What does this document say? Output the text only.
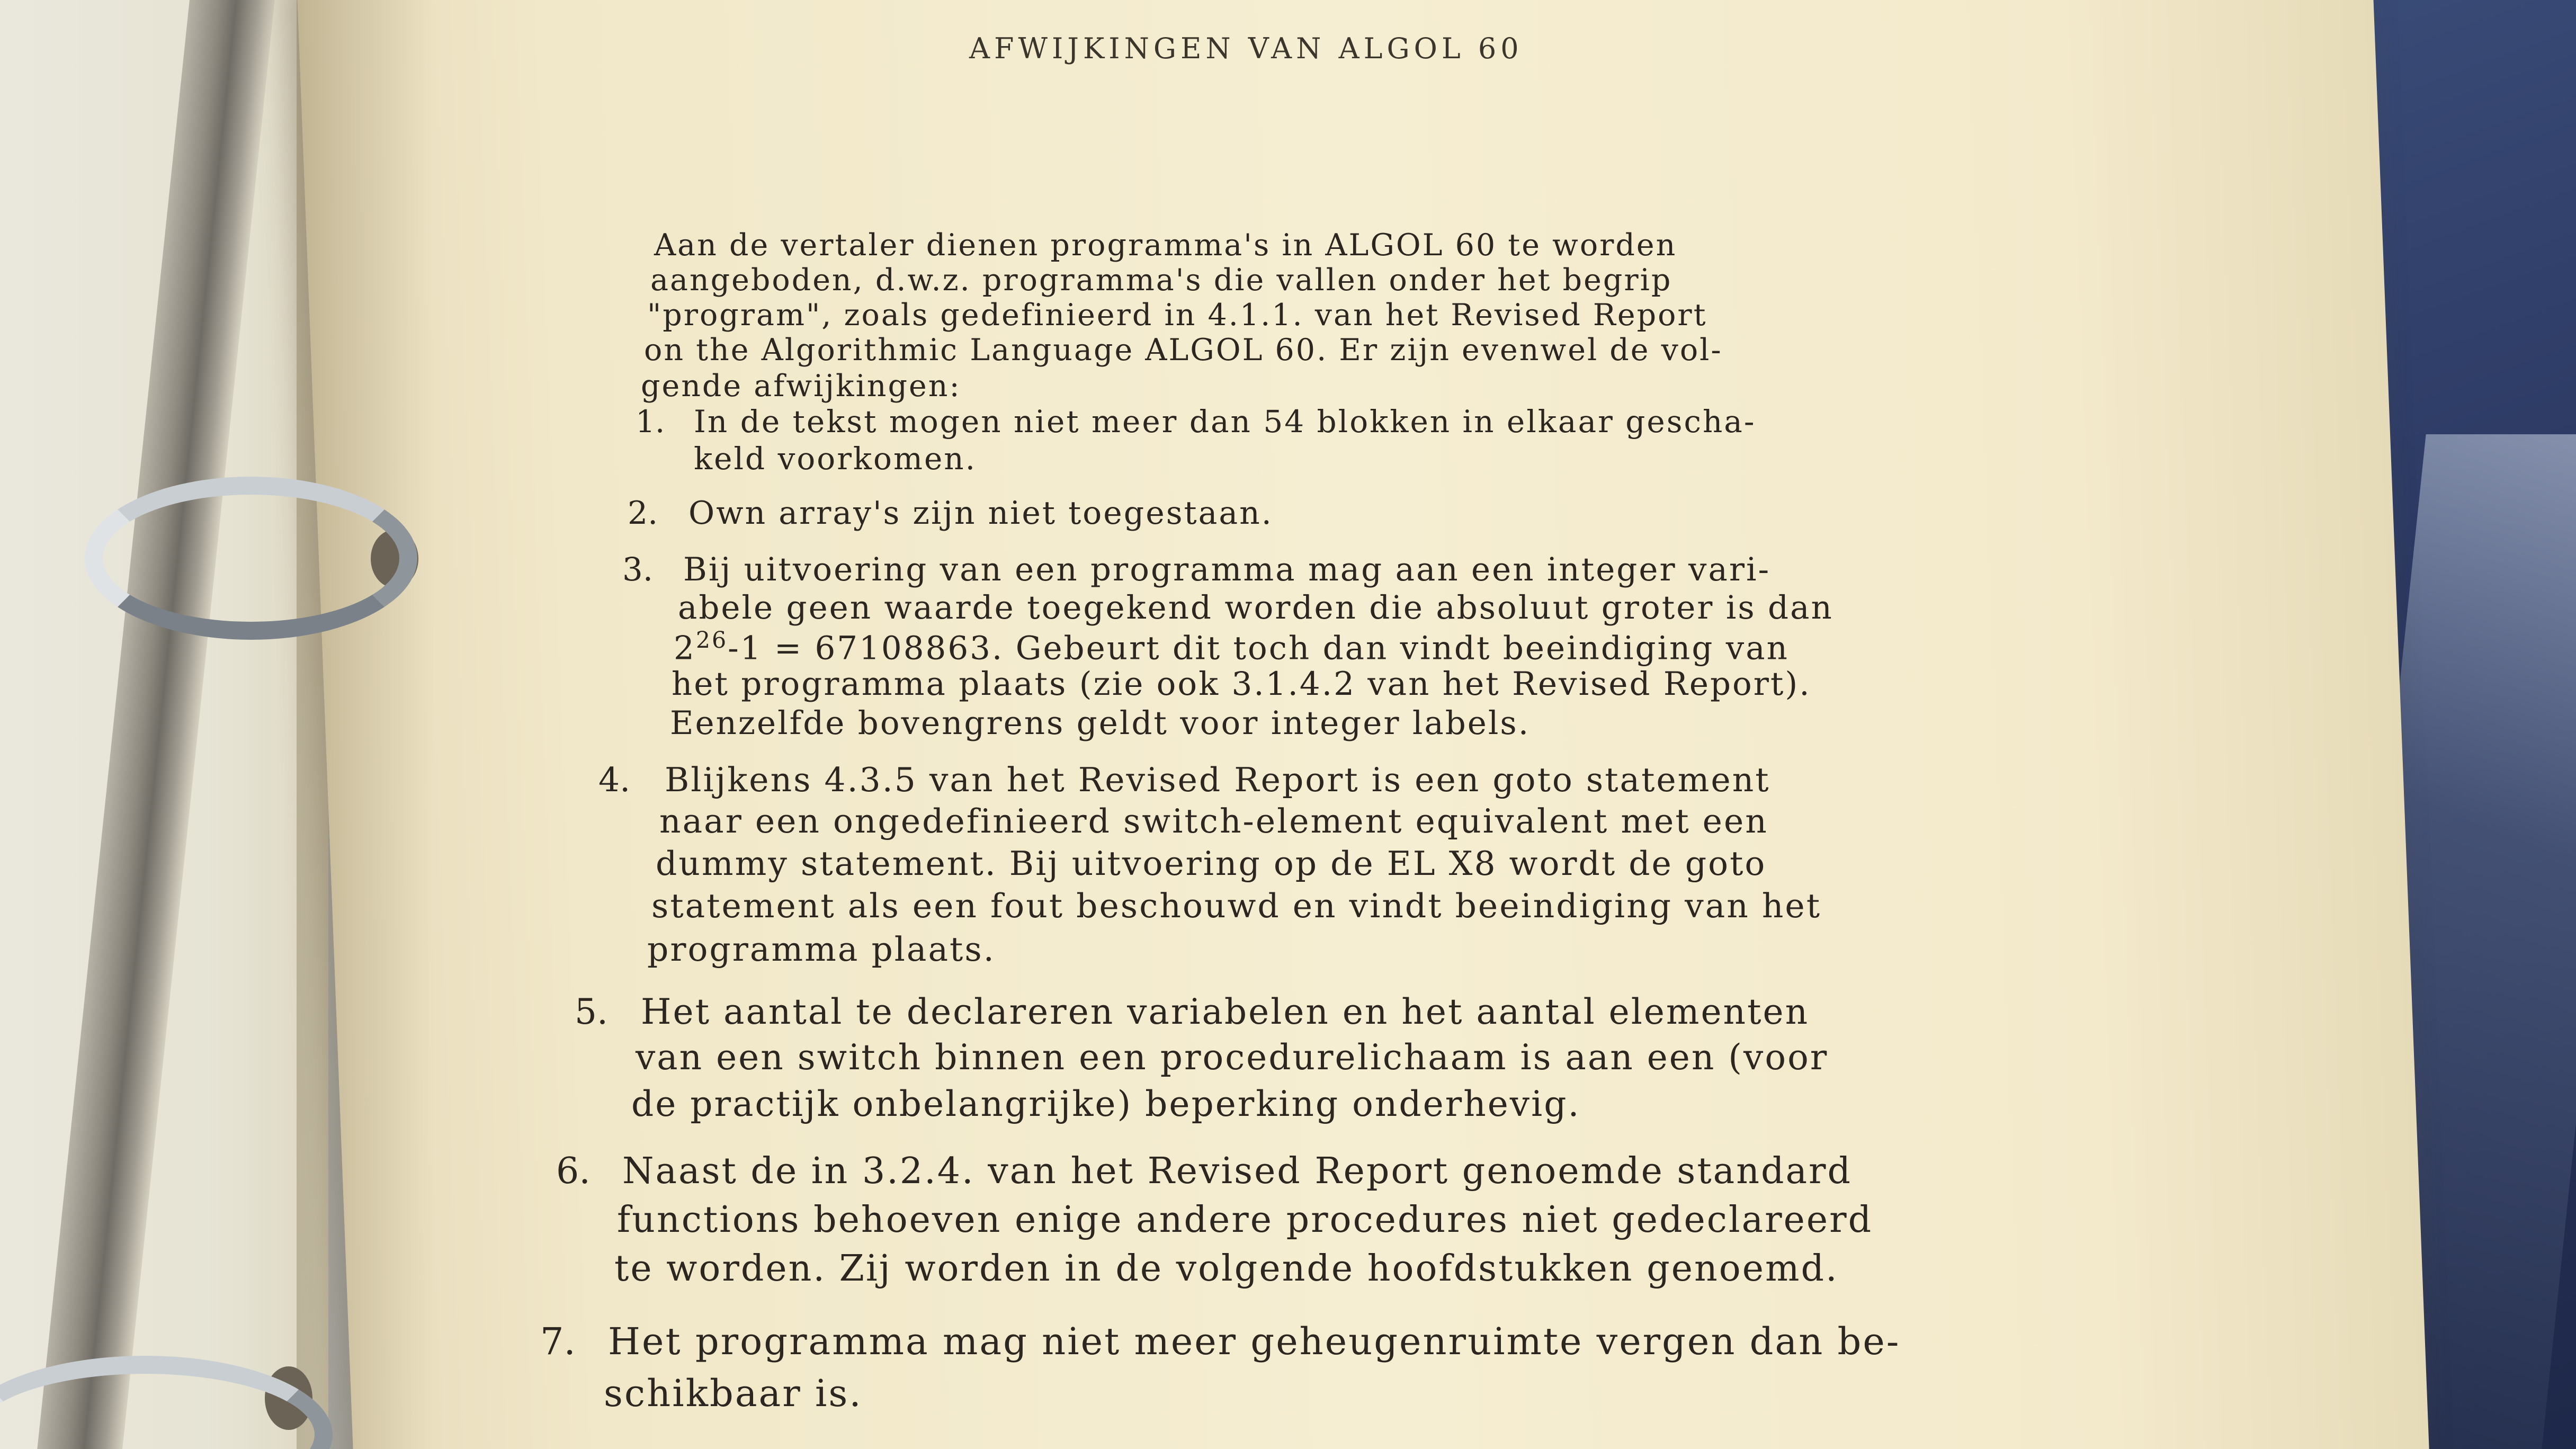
AFWIJKINGEN VAN ALGOL 60
Aan de vertaler dienen programma's in ALGOL 60 te worden
aangeboden, d.w.z. programma's die vallen onder het begrip
"program", zoals gedefinieerd in 4.1.1. van het Revised Report
on the Algorithmic Language ALGOL 60. Er zijn evenwel de vol-
gende afwijkingen:
1. In de tekst mogen niet meer dan 54 blokken in elkaar gescha-
keld voorkomen.
2. Own array's zijn niet toegestaan.
3. Bij uitvoering van een programma mag aan een integer vari-
abele geen waarde toegekend worden die absoluut groter is dan
$2^{26}-1 = 67108863$. Gebeurt dit toch dan vindt beeindiging van
het programma plaats (zie ook 3.1.4.2 van het Revised Report).
Eenzelfde bovengrens geldt voor integer labels.
4. Blijkens 4.3.5 van het Revised Report is een goto statement
naar een ongedefinieerd switch-element equivalent met een
dummy statement. Bij uitvoering op de EL X8 wordt de goto
statement als een fout beschouwd en vindt beeindiging van het
programma plaats.
5. Het aantal te declareren variabelen en het aantal elementen
van een switch binnen een procedurelichaam is aan een (voor
de practijk onbelangrijke) beperking onderhevig.
6. Naast de in 3.2.4. van het Revised Report genoemde standard
functions behoeven enige andere procedures niet gedeclareerd
te worden. Zij worden in de volgende hoofdstukken genoemd.
7. Het programma mag niet meer geheugenruimte vergen dan be-
schikbaar is.
